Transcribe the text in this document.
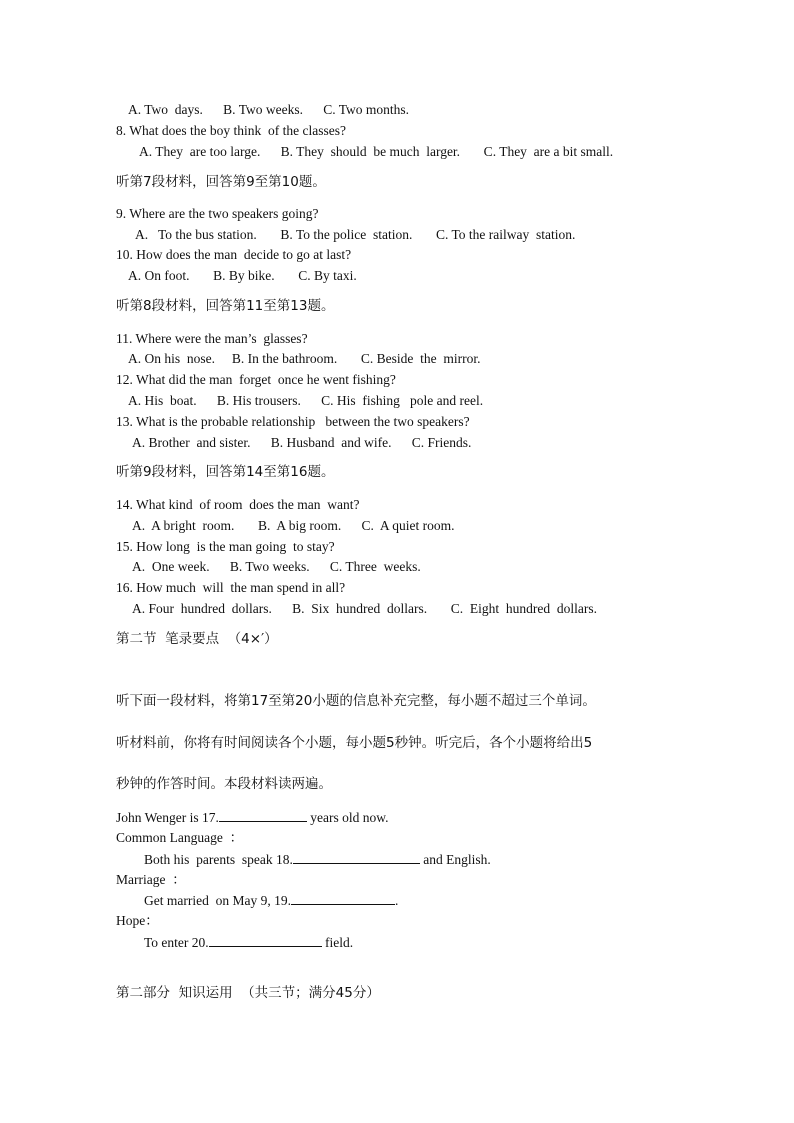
A. Two  days.      B. Two weeks.      C. Two months.
8. What does the boy think  of the classes?
A. They  are too large.      B. They  should  be much  larger.       C. They  are a bit small.
听第7段材料，回答第9至第10题。
9. Where are the two speakers going?
A.   To the bus station.       B. To the police  station.       C. To the railway  station.
10. How does the man  decide to go at last?
A. On foot.       B. By bike.       C. By taxi.
听第8段材料，回答第11至第13题。
11. Where were the man’s  glasses?
A. On his  nose.     B. In the bathroom.       C. Beside  the  mirror.
12. What did the man  forget  once he went fishing?
A. His  boat.      B. His trousers.      C. His  fishing   pole and reel.
13. What is the probable relationship   between the two speakers?
A. Brother  and sister.      B. Husband  and wife.      C. Friends.
听第9段材料，回答第14至第16题。
14. What kind  of room  does the man  want?
A.  A bright  room.       B.  A big room.      C.  A quiet room.
15. How long  is the man going  to stay?
A.  One week.      B. Two weeks.      C. Three  weeks.
16. How much  will  the man spend in all?
A. Four  hundred  dollars.      B.  Six  hundred  dollars.       C.  Eight  hundred  dollars.
第二节  笔录要点  （4×′）
听下面一段材料，将第17至第20小题的信息补充完整，每小题不超过三个单词。
听材料前，你将有时间阅读各个小题，每小题5秒钟。听完后，各个小题将给出5
秒钟的作答时间。本段材料读两遍。
John Wenger is 17.	years old now.
Common Language  ：
Both his  parents  speak 18.	and English.
Marriage  ：
Get married  on May 9, 19.	.
Hope：
To enter 20.	field.
第二部分  知识运用  （共三节；满分45分）
